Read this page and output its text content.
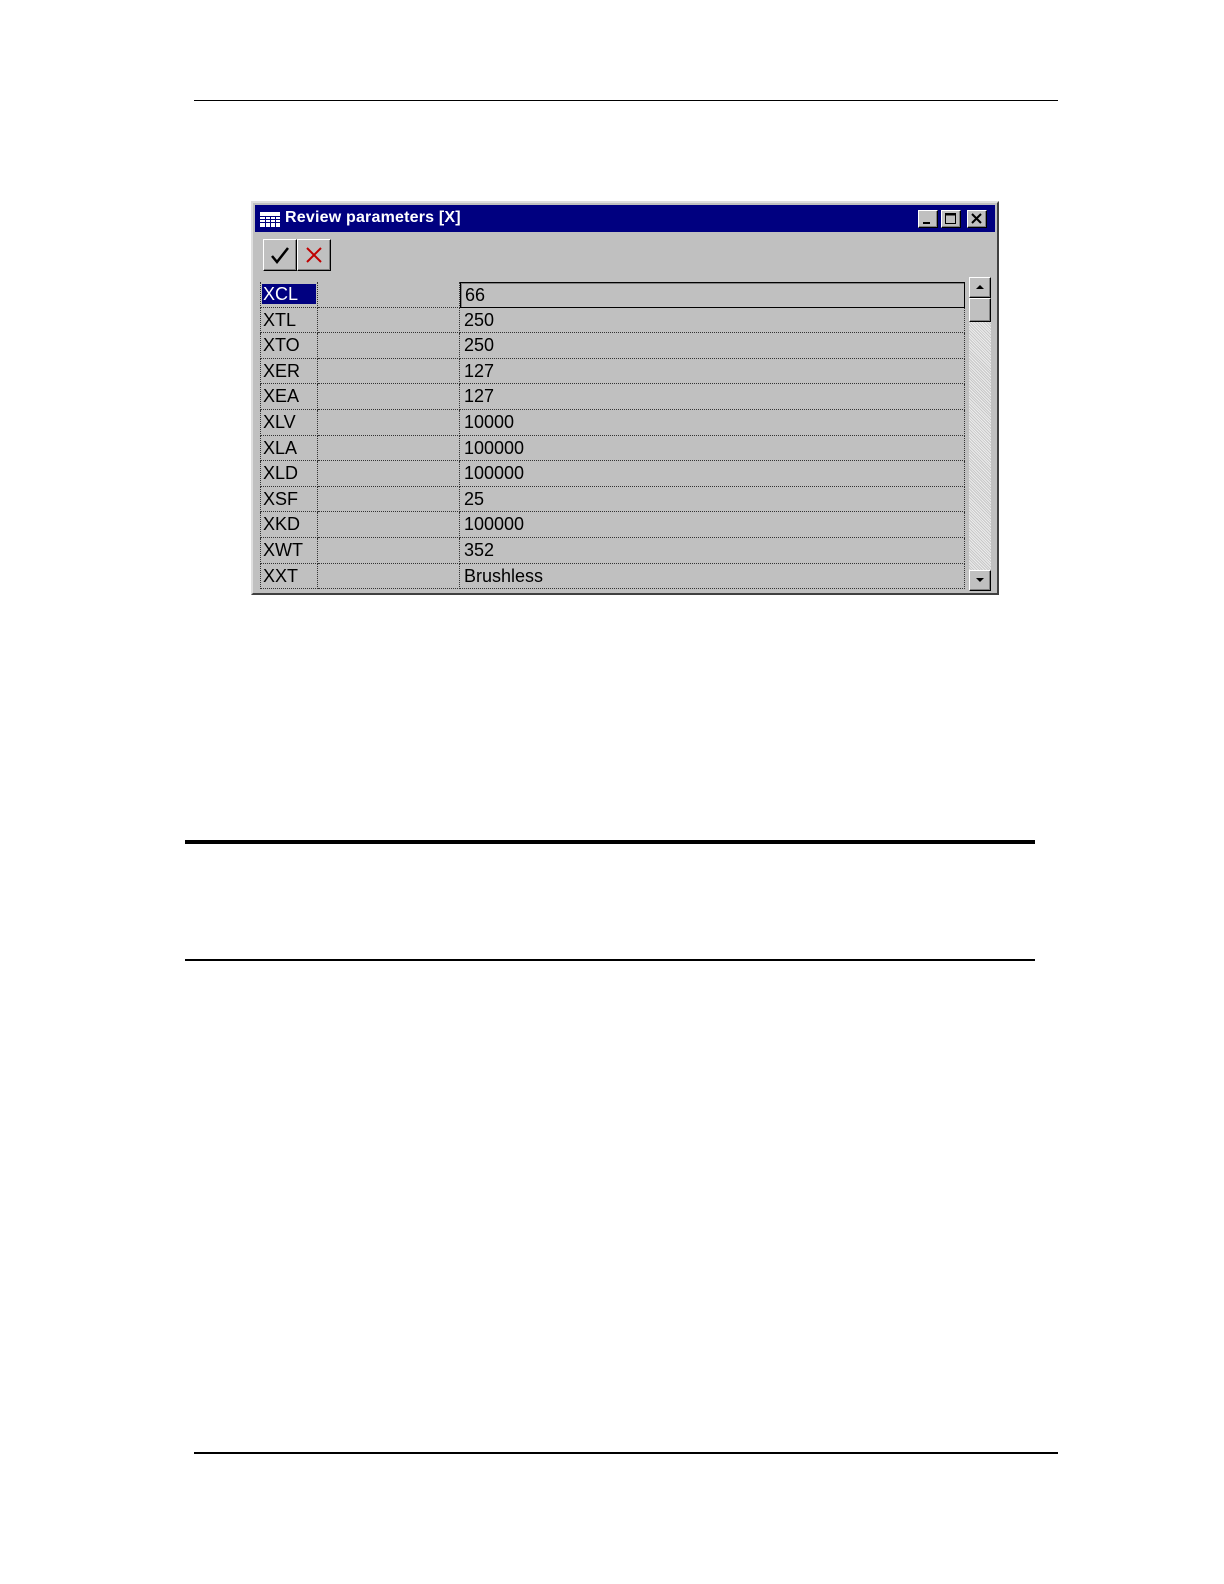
Review parameters [X]
XCL	66
XTL	250
XTO	250
XER	127
XEA	127
XLV	10000
XLA	100000
XLD	100000
XSF	25
XKD	100000
XWT	352
XXT	Brushless
